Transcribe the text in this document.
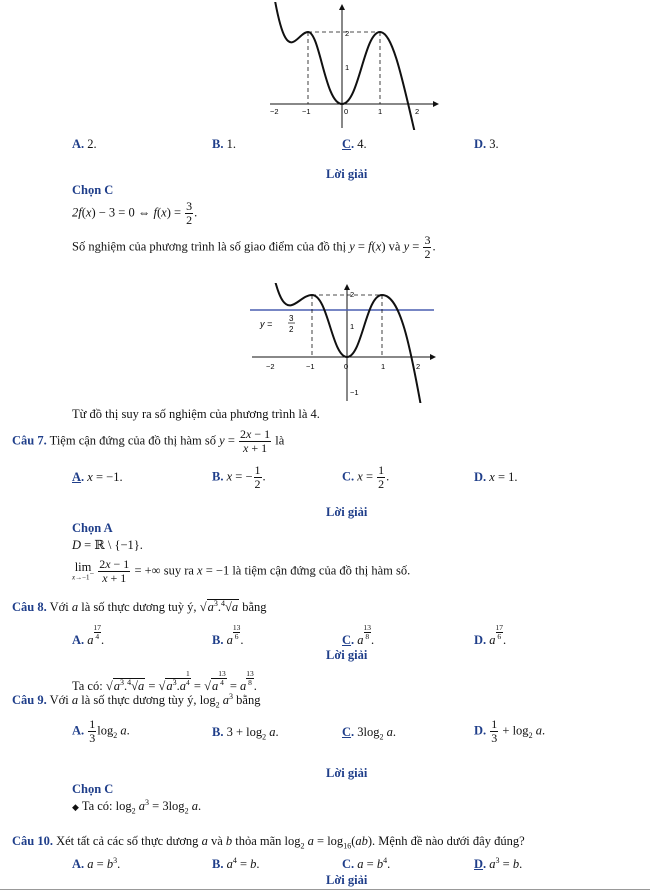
−2	−1	0	1	2
1
2
A. 2.	B. 1.	C. 4.	D. 3.
Lời giải
Chọn C
2f(x) − 3 = 0 ⇔ $f(x) = \frac{3}{2}$ .
Số nghiệm của phương trình là số giao điểm của đồ thị y = f(x) và $y = \frac{3}{2}$ .
y =
3
2
−2	−1	0	1	2
1
2
−1
Từ đồ thị suy ra số nghiệm của phương trình là 4.
Câu 7. Tiệm cận đứng của đồ thị hàm số $y = \frac{2x - 1}{x + 1}$ là
A. x = −1.	B. x = − $\frac{1}{2}$ .	C. $x = \frac{1}{2}$ .	D. x = 1.
Lời giải
Chọn A
D = ℝ \ {−1}.
lim
x→−1−
$\frac{2x - 1}{x + 1}$ = +∞ suy ra x = −1 là tiệm cận đứng của đồ thị hàm số.
Câu 8. Với a là số thực dương tuỳ ý, $√a^3.^4√a$ bằng
A. a $\frac{17}{4}$ .	B. a $\frac{13}{6}$ .	C. a $\frac{13}{8}$ .	D. a $\frac{17}{6}$ .
Lời giải
Ta có: $√a^3.^4√a = √a^3.a \frac{1}{4} = √a \frac{13}{4} = a \frac{13}{8}$ .
Câu 9. Với a là số thực dương tùy ý, $\log_2 a^3$ bằng
A. $\frac{1}{3} \log_2 a$.	B. $3 + \log_2 a$.	C. $3\log_2$ a.	D. $\frac{1}{3} + \log_2 a$.
Lời giải
Chọn C
◆ Ta có: $\log_2 a^3 = 3\log_2$ a.
Câu 10. Xét tất cả các số thực dương a và b thỏa mãn $\log_2 a = \log_{16}(ab)$. Mệnh đề nào dưới đây đúng?
A. $a = b^3$.	B. $a^4 = b$.	C. $a = b^4$.	D. $a^3 = b$.
Lời giải
